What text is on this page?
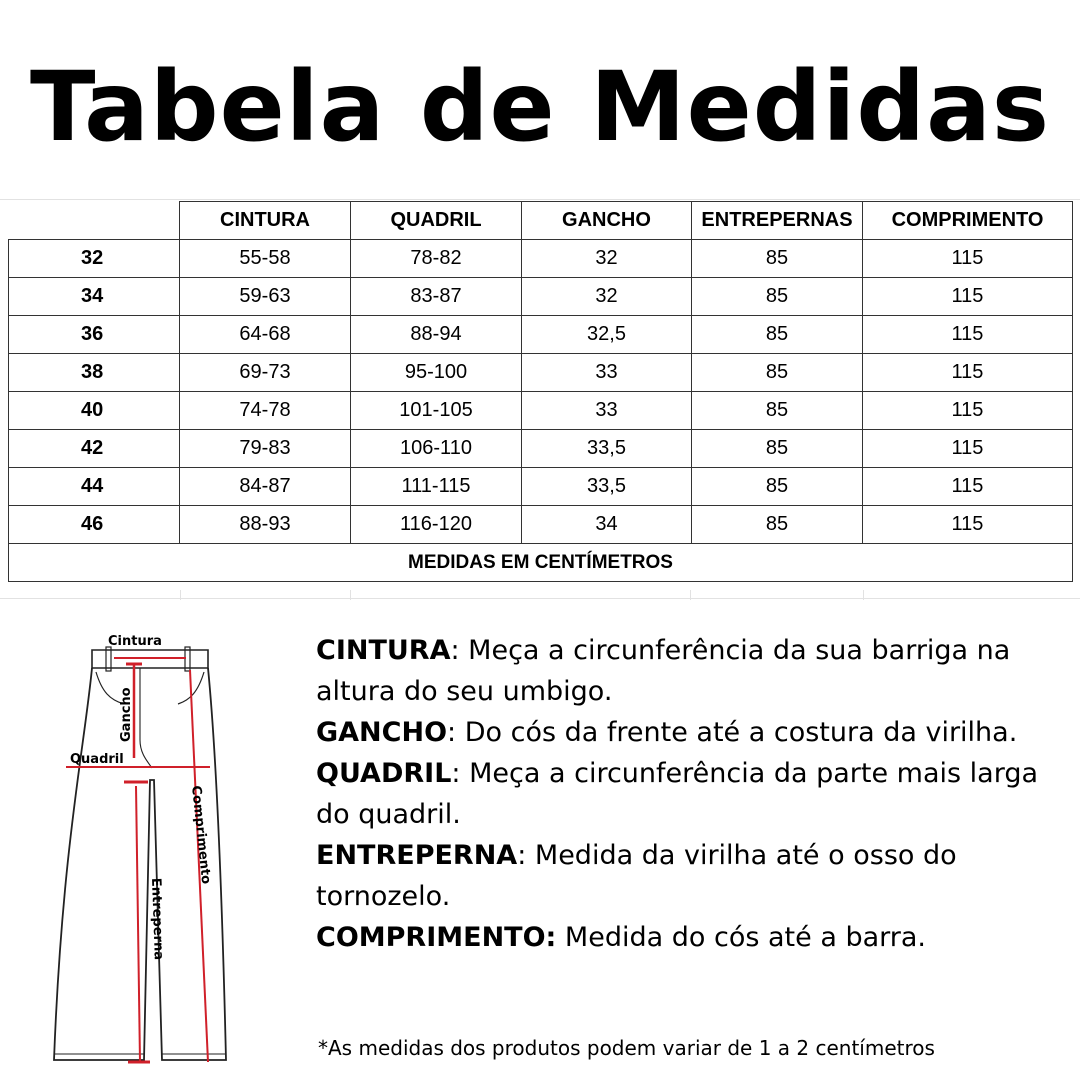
Tabela de Medidas
	CINTURA	QUADRIL	GANCHO	ENTREPERNAS	COMPRIMENTO
32	55-58	78-82	32	85	115
34	59-63	83-87	32	85	115
36	64-68	88-94	32,5	85	115
38	69-73	95-100	33	85	115
40	74-78	101-105	33	85	115
42	79-83	106-110	33,5	85	115
44	84-87	111-115	33,5	85	115
46	88-93	116-120	34	85	115
MEDIDAS EM CENTÍMETROS					
Cintura
Gancho
Quadril
Comprimento
Entreperna

CINTURA: Meça a circunferência da sua barriga na altura do seu umbigo.

GANCHO: Do cós da frente até a costura da virilha.

QUADRIL: Meça a circunferência da parte mais larga do quadril.

ENTREPERNA: Medida da virilha até o osso do tornozelo.

COMPRIMENTO: Medida do cós até a barra.

*As medidas dos produtos podem variar de 1 a 2 centímetros
